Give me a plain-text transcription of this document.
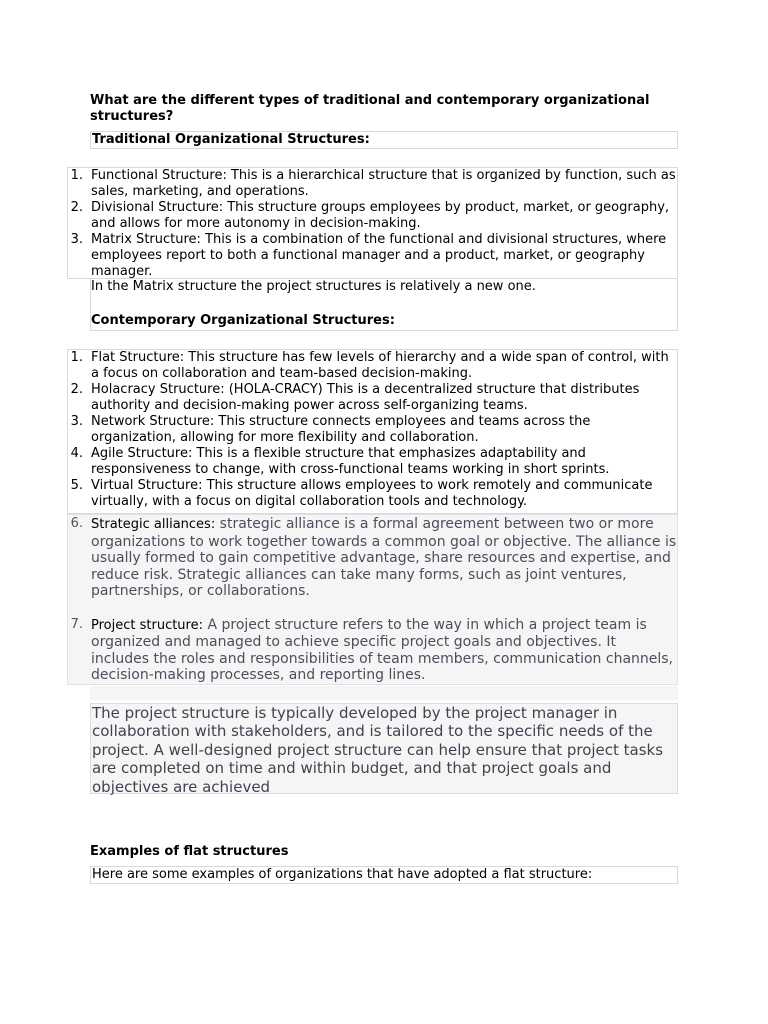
What are the different types of traditional and contemporary organizational structures?
Traditional Organizational Structures:
1. Functional Structure: This is a hierarchical structure that is organized by function, such as sales, marketing, and operations.
2. Divisional Structure: This structure groups employees by product, market, or geography, and allows for more autonomy in decision-making.
3. Matrix Structure: This is a combination of the functional and divisional structures, where employees report to both a functional manager and a product, market, or geography manager.
In the Matrix structure the project structures is relatively a new one.
Contemporary Organizational Structures:
1. Flat Structure: This structure has few levels of hierarchy and a wide span of control, with a focus on collaboration and team-based decision-making.
2. Holacracy Structure: (HOLA-CRACY) This is a decentralized structure that distributes authority and decision-making power across self-organizing teams.
3. Network Structure: This structure connects employees and teams across the organization, allowing for more flexibility and collaboration.
4. Agile Structure: This is a flexible structure that emphasizes adaptability and responsiveness to change, with cross-functional teams working in short sprints.
5. Virtual Structure: This structure allows employees to work remotely and communicate virtually, with a focus on digital collaboration tools and technology.
6. Strategic alliances: strategic alliance is a formal agreement between two or more organizations to work together towards a common goal or objective. The alliance is usually formed to gain competitive advantage, share resources and expertise, and reduce risk. Strategic alliances can take many forms, such as joint ventures, partnerships, or collaborations.
7. Project structure: A project structure refers to the way in which a project team is organized and managed to achieve specific project goals and objectives. It includes the roles and responsibilities of team members, communication channels, decision-making processes, and reporting lines.
The project structure is typically developed by the project manager in collaboration with stakeholders, and is tailored to the specific needs of the project. A well-designed project structure can help ensure that project tasks are completed on time and within budget, and that project goals and objectives are achieved
Examples of flat structures
Here are some examples of organizations that have adopted a flat structure:
